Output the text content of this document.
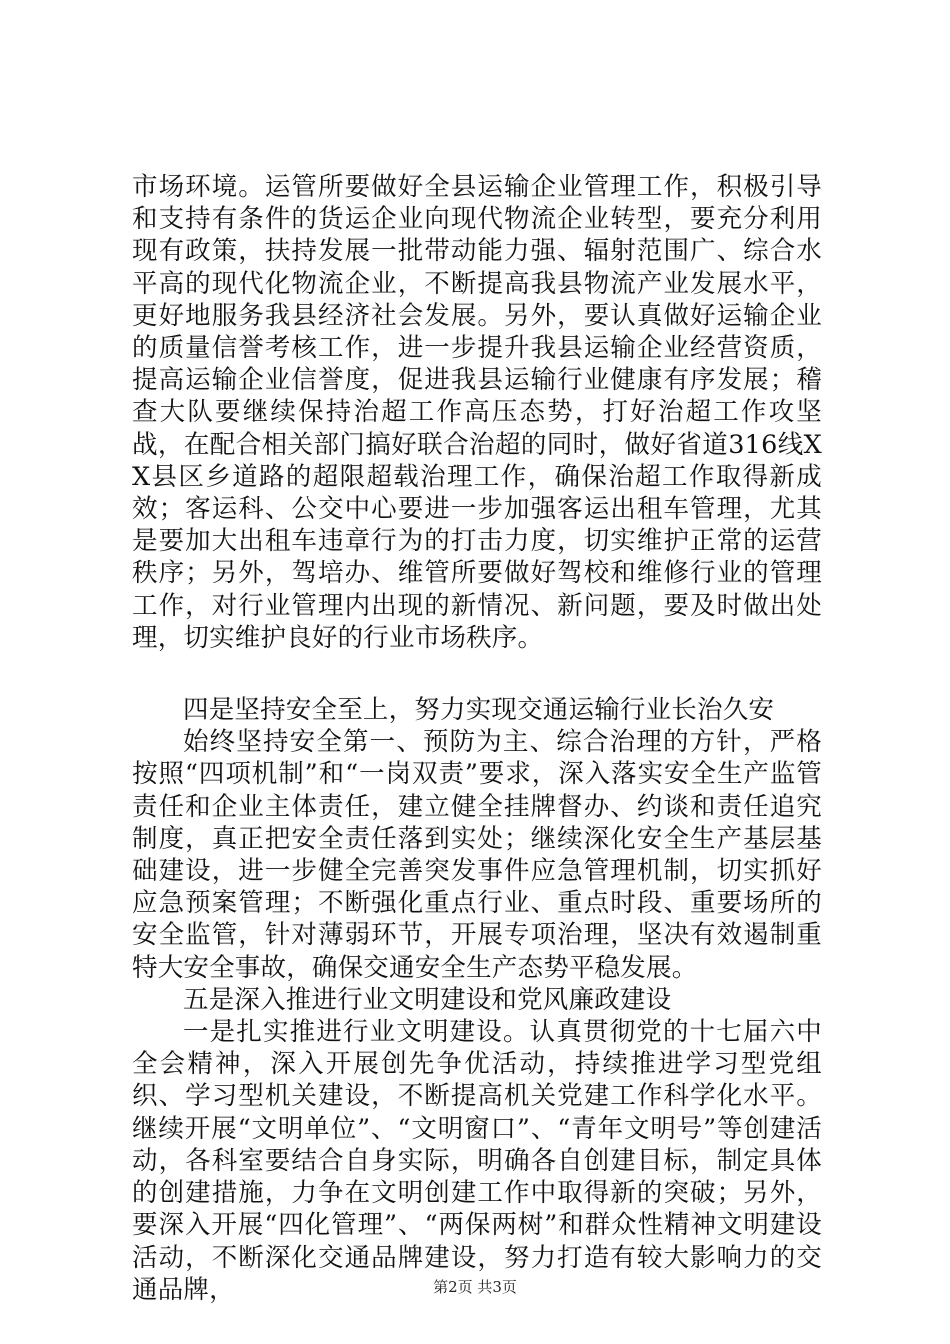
市场环境。运管所要做好全县运输企业管理工作，积极引导和支持有条件的货运企业向现代物流企业转型，要充分利用现有政策，扶持发展一批带动能力强、辐射范围广、综合水平高的现代化物流企业，不断提高我县物流产业发展水平，更好地服务我县经济社会发展。另外，要认真做好运输企业的质量信誉考核工作，进一步提升我县运输企业经营资质，提高运输企业信誉度，促进我县运输行业健康有序发展；稽查大队要继续保持治超工作高压态势，打好治超工作攻坚战，在配合相关部门搞好联合治超的同时，做好省道316线XX县区乡道路的超限超载治理工作，确保治超工作取得新成效；客运科、公交中心要进一步加强客运出租车管理，尤其是要加大出租车违章行为的打击力度，切实维护正常的运营秩序；另外，驾培办、维管所要做好驾校和维修行业的管理工作，对行业管理内出现的新情况、新问题，要及时做出处理，切实维护良好的行业市场秩序。

四是坚持安全至上，努力实现交通运输行业长治久安

始终坚持安全第一、预防为主、综合治理的方针，严格按照“四项机制”和“一岗双责”要求，深入落实安全生产监管责任和企业主体责任，建立健全挂牌督办、约谈和责任追究制度，真正把安全责任落到实处；继续深化安全生产基层基础建设，进一步健全完善突发事件应急管理机制，切实抓好应急预案管理；不断强化重点行业、重点时段、重要场所的安全监管，针对薄弱环节，开展专项治理，坚决有效遏制重特大安全事故，确保交通安全生产态势平稳发展。

五是深入推进行业文明建设和党风廉政建设

一是扎实推进行业文明建设。认真贯彻党的十七届六中全会精神，深入开展创先争优活动，持续推进学习型党组织、学习型机关建设，不断提高机关党建工作科学化水平。继续开展“文明单位”、“文明窗口”、“青年文明号”等创建活动，各科室要结合自身实际，明确各自创建目标，制定具体的创建措施，力争在文明创建工作中取得新的突破；另外，要深入开展“四化管理”、“两保两树”和群众性精神文明建设活动，不断深化交通品牌建设，努力打造有较大影响力的交通品牌，	第2页 共3页
